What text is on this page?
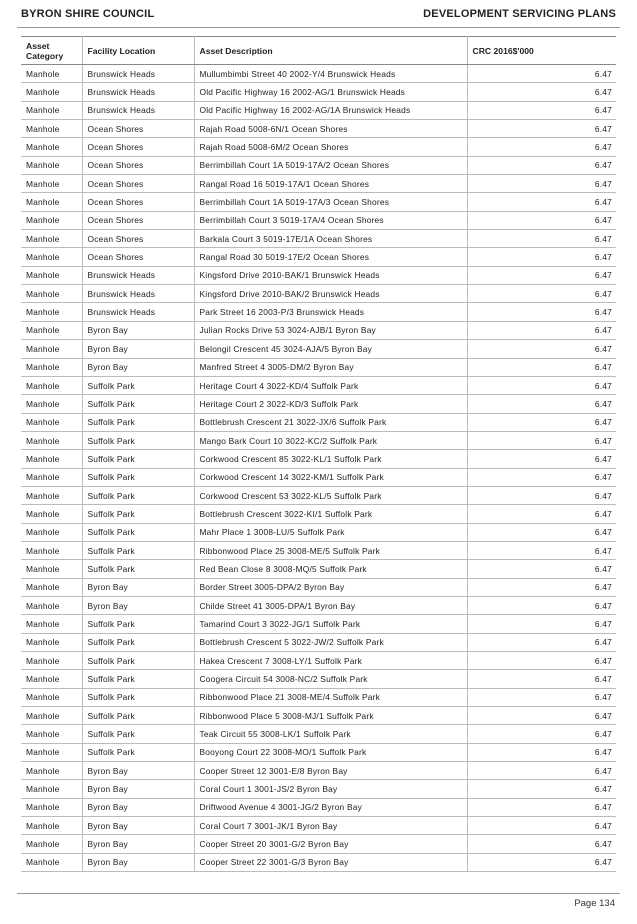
BYRON SHIRE COUNCIL	DEVELOPMENT SERVICING PLANS
Asset Category	Facility Location	Asset Description	CRC 2016$'000
Manhole	Brunswick Heads	Mullumbimbi Street 40 2002-Y/4 Brunswick Heads	6.47
Manhole	Brunswick Heads	Old Pacific Highway 16 2002-AG/1 Brunswick Heads	6.47
Manhole	Brunswick Heads	Old Pacific Highway 16 2002-AG/1A Brunswick Heads	6.47
Manhole	Ocean Shores	Rajah Road 5008-6N/1 Ocean Shores	6.47
Manhole	Ocean Shores	Rajah Road 5008-6M/2 Ocean Shores	6.47
Manhole	Ocean Shores	Berrimbillah Court 1A 5019-17A/2 Ocean Shores	6.47
Manhole	Ocean Shores	Rangal Road 16 5019-17A/1 Ocean Shores	6.47
Manhole	Ocean Shores	Berrimbillah Court 1A 5019-17A/3 Ocean Shores	6.47
Manhole	Ocean Shores	Berrimbillah Court 3 5019-17A/4 Ocean Shores	6.47
Manhole	Ocean Shores	Barkala Court 3 5019-17E/1A Ocean Shores	6.47
Manhole	Ocean Shores	Rangal Road 30 5019-17E/2 Ocean Shores	6.47
Manhole	Brunswick Heads	Kingsford Drive 2010-BAK/1 Brunswick Heads	6.47
Manhole	Brunswick Heads	Kingsford Drive 2010-BAK/2 Brunswick Heads	6.47
Manhole	Brunswick Heads	Park Street 16 2003-P/3 Brunswick Heads	6.47
Manhole	Byron Bay	Julian Rocks Drive 53 3024-AJB/1 Byron Bay	6.47
Manhole	Byron Bay	Belongil Crescent 45 3024-AJA/5 Byron Bay	6.47
Manhole	Byron Bay	Manfred Street 4 3005-DM/2 Byron Bay	6.47
Manhole	Suffolk Park	Heritage Court 4 3022-KD/4 Suffolk Park	6.47
Manhole	Suffolk Park	Heritage Court 2 3022-KD/3 Suffolk Park	6.47
Manhole	Suffolk Park	Bottlebrush Crescent 21 3022-JX/6 Suffolk Park	6.47
Manhole	Suffolk Park	Mango Bark Court 10 3022-KC/2 Suffolk Park	6.47
Manhole	Suffolk Park	Corkwood Crescent 85 3022-KL/1 Suffolk Park	6.47
Manhole	Suffolk Park	Corkwood Crescent 14 3022-KM/1 Suffolk Park	6.47
Manhole	Suffolk Park	Corkwood Crescent 53 3022-KL/5 Suffolk Park	6.47
Manhole	Suffolk Park	Bottlebrush Crescent 3022-KI/1 Suffolk Park	6.47
Manhole	Suffolk Park	Mahr Place 1 3008-LU/5 Suffolk Park	6.47
Manhole	Suffolk Park	Ribbonwood Place 25 3008-ME/5 Suffolk Park	6.47
Manhole	Suffolk Park	Red Bean Close 8 3008-MQ/5 Suffolk Park	6.47
Manhole	Byron Bay	Border Street 3005-DPA/2 Byron Bay	6.47
Manhole	Byron Bay	Childe Street 41 3005-DPA/1 Byron Bay	6.47
Manhole	Suffolk Park	Tamarind Court 3 3022-JG/1 Suffolk Park	6.47
Manhole	Suffolk Park	Bottlebrush Crescent 5 3022-JW/2 Suffolk Park	6.47
Manhole	Suffolk Park	Hakea Crescent 7 3008-LY/1 Suffolk Park	6.47
Manhole	Suffolk Park	Coogera Circuit 54 3008-NC/2 Suffolk Park	6.47
Manhole	Suffolk Park	Ribbonwood Place 21 3008-ME/4 Suffolk Park	6.47
Manhole	Suffolk Park	Ribbonwood Place 5 3008-MJ/1 Suffolk Park	6.47
Manhole	Suffolk Park	Teak Circuit 55 3008-LK/1 Suffolk Park	6.47
Manhole	Suffolk Park	Booyong Court 22 3008-MO/1 Suffolk Park	6.47
Manhole	Byron Bay	Cooper Street 12 3001-E/8 Byron Bay	6.47
Manhole	Byron Bay	Coral Court 1 3001-JS/2 Byron Bay	6.47
Manhole	Byron Bay	Driftwood Avenue 4 3001-JG/2 Byron Bay	6.47
Manhole	Byron Bay	Coral Court 7 3001-JK/1 Byron Bay	6.47
Manhole	Byron Bay	Cooper Street 20 3001-G/2 Byron Bay	6.47
Manhole	Byron Bay	Cooper Street 22 3001-G/3 Byron Bay	6.47
Page 134
